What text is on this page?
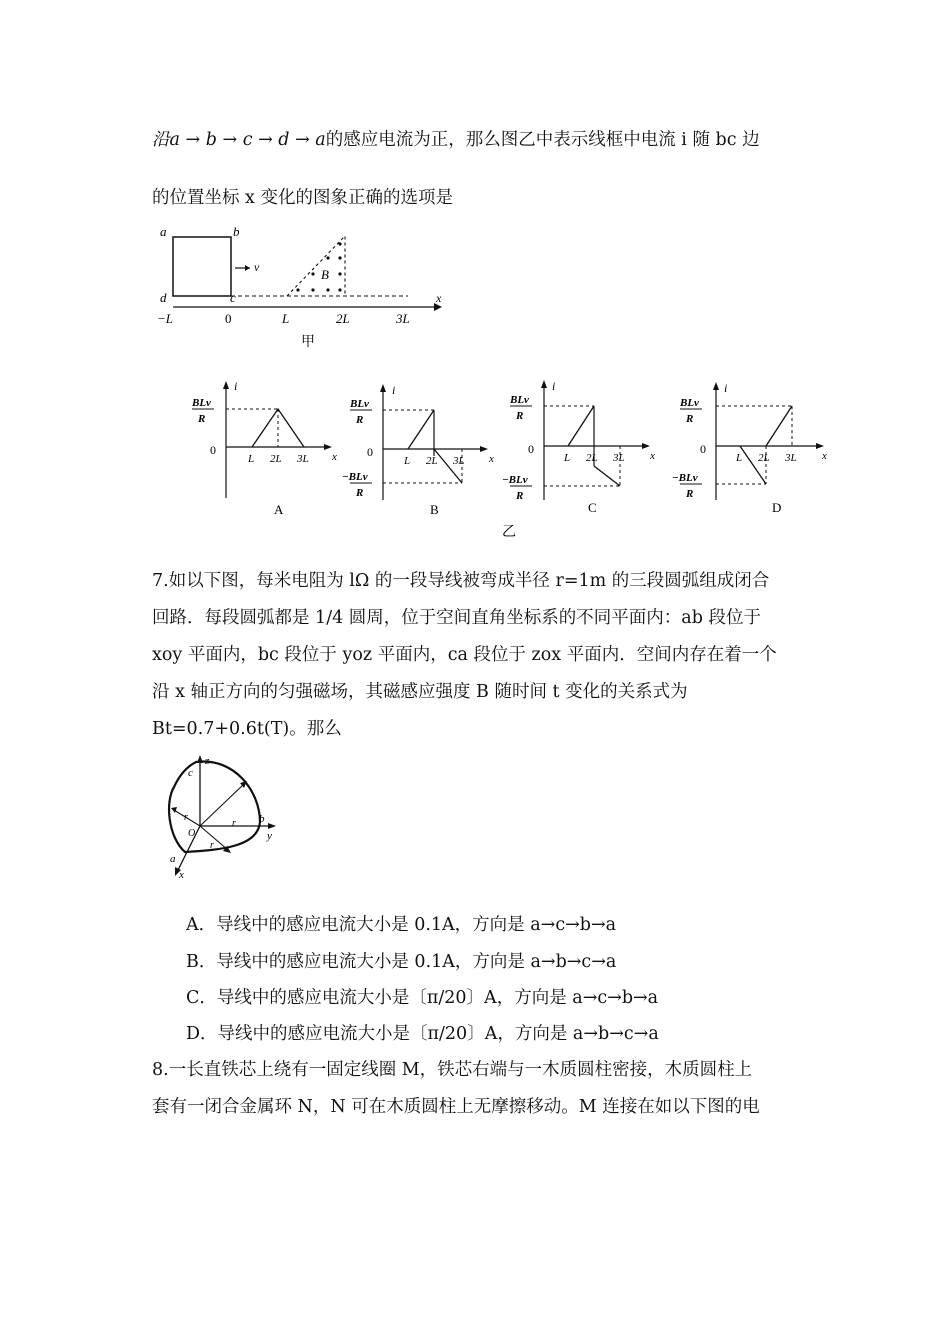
沿a → b → c → d → a的感应电流为正，那么图乙中表示线框中电流 i 随 bc 边
的位置坐标 x 变化的图象正确的选项是
a	b
c
d
v	B
x
−L	0	L	2L	3L
甲
BLv
R
i
x
0
L 2L 3L
A
BLv
R
−BLv
R
i
x
0
L 2L 3L
B
BLv
R
−BLv
R
i
x
0
L 2L 3L
C
BLv
R
−BLv
R
i
x
0
L 2L 3L
D
乙
7.如以下图，每米电阻为 lΩ 的一段导线被弯成半径 r=1m 的三段圆弧组成闭合
回路．每段圆弧都是 1/4 圆周，位于空间直角坐标系的不同平面内：ab 段位于
xoy 平面内，bc 段位于 yoz 平面内，ca 段位于 zox 平面内．空间内存在着一个
沿 x 轴正方向的匀强磁场，其磁感应强度 B 随时间 t 变化的关系式为
Bt=0.7+0.6t(T)。那么
z
c
y
b
x
a
r
r
r
O
A．导线中的感应电流大小是 0.1A，方向是 a→c→b→a
B．导线中的感应电流大小是 0.1A，方向是 a→b→c→a
C．导线中的感应电流大小是〔π/20〕A，方向是 a→c→b→a
D．导线中的感应电流大小是〔π/20〕A，方向是 a→b→c→a
8.一长直铁芯上绕有一固定线圈 M，铁芯右端与一木质圆柱密接，木质圆柱上
套有一闭合金属环 N，N 可在木质圆柱上无摩擦移动。M 连接在如以下图的电
